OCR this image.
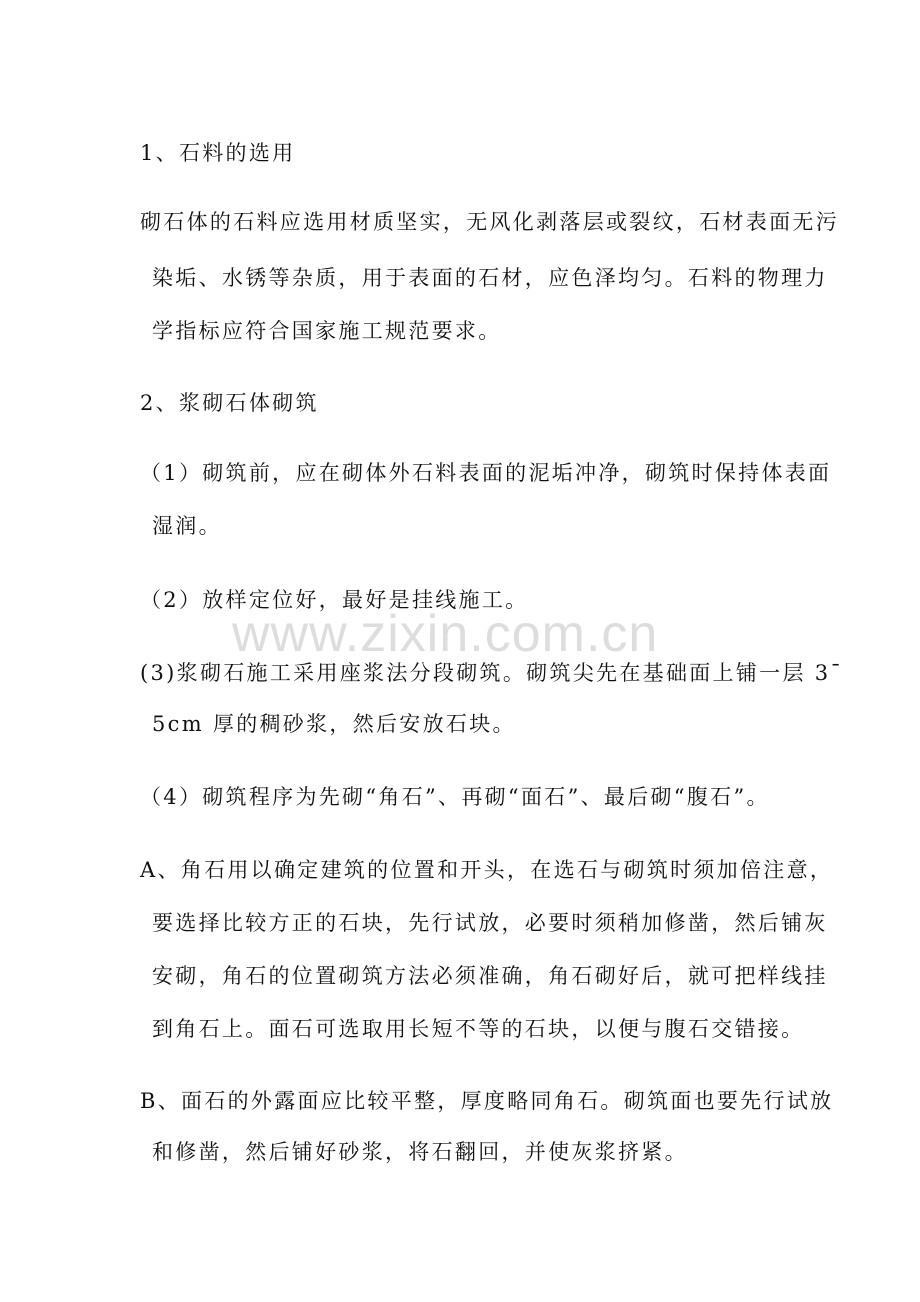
1、石料的选用
砌石体的石料应选用材质坚实，无风化剥落层或裂纹，石材表面无污
染垢、水锈等杂质，用于表面的石材，应色泽均匀。石料的物理力
学指标应符合国家施工规范要求。
2、浆砌石体砌筑
（1）砌筑前，应在砌体外石料表面的泥垢冲净，砌筑时保持体表面
湿润。
（2）放样定位好，最好是挂线施工。
(3)浆砌石施工采用座浆法分段砌筑。砌筑尖先在基础面上铺一层 3¯
5cm 厚的稠砂浆，然后安放石块。
（4）砌筑程序为先砌“角石”、再砌“面石”、最后砌“腹石”。
A、角石用以确定建筑的位置和开头，在选石与砌筑时须加倍注意，
要选择比较方正的石块，先行试放，必要时须稍加修凿，然后铺灰
安砌，角石的位置砌筑方法必须准确，角石砌好后，就可把样线挂
到角石上。面石可选取用长短不等的石块，以便与腹石交错接。
B、面石的外露面应比较平整，厚度略同角石。砌筑面也要先行试放
和修凿，然后铺好砂浆，将石翻回，并使灰浆挤紧。
www.zixin.com.cn
